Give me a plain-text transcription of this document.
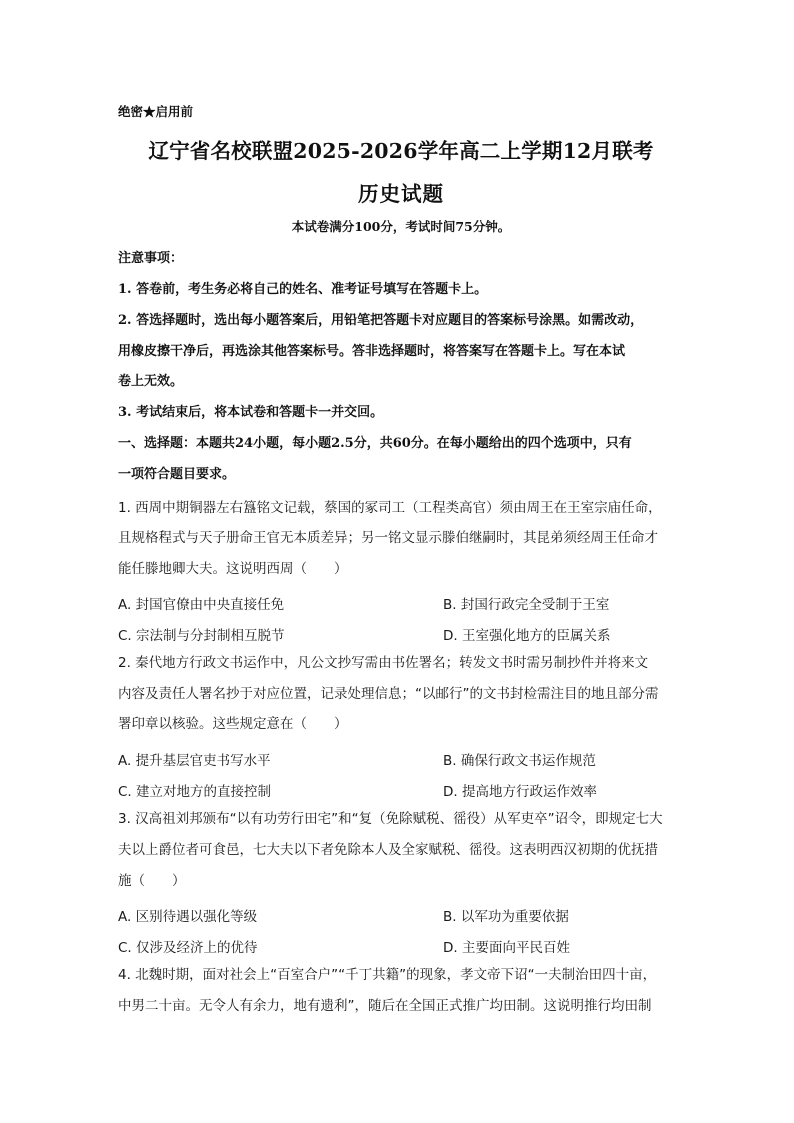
绝密★启用前
辽宁省名校联盟2025-2026学年高二上学期12月联考
历史试题
本试卷满分100分，考试时间75分钟。
注意事项：
1. 答卷前，考生务必将自己的姓名、准考证号填写在答题卡上。
2. 答选择题时，选出每小题答案后，用铅笔把答题卡对应题目的答案标号涂黑。如需改动，
用橡皮擦干净后，再选涂其他答案标号。答非选择题时，将答案写在答题卡上。写在本试
卷上无效。
3. 考试结束后，将本试卷和答题卡一并交回。
一、选择题：本题共24小题，每小题2.5分，共60分。在每小题给出的四个选项中，只有
一项符合题目要求。
1. 西周中期铜器左右簋铭文记载，蔡国的冢司工（工程类高官）须由周王在王室宗庙任命，
且规格程式与天子册命王官无本质差异；另一铭文显示滕伯继嗣时，其昆弟须经周王任命才
能任滕地卿大夫。这说明西周（　　）
A. 封国官僚由中央直接任免	B. 封国行政完全受制于王室
C. 宗法制与分封制相互脱节	D. 王室强化地方的臣属关系
2. 秦代地方行政文书运作中，凡公文抄写需由书佐署名；转发文书时需另制抄件并将来文
内容及责任人署名抄于对应位置，记录处理信息；“以邮行”的文书封检需注目的地且部分需
署印章以核验。这些规定意在（　　）
A. 提升基层官吏书写水平	B. 确保行政文书运作规范
C. 建立对地方的直接控制	D. 提高地方行政运作效率
3. 汉高祖刘邦颁布“以有功劳行田宅”和“复（免除赋税、徭役）从军吏卒”诏令，即规定七大
夫以上爵位者可食邑，七大夫以下者免除本人及全家赋税、徭役。这表明西汉初期的优抚措
施（　　）
A. 区别待遇以强化等级	B. 以军功为重要依据
C. 仅涉及经济上的优待	D. 主要面向平民百姓
4. 北魏时期，面对社会上“百室合户”“千丁共籍”的现象，孝文帝下诏“一夫制治田四十亩，
中男二十亩。无令人有余力，地有遗利”，随后在全国正式推广均田制。这说明推行均田制
